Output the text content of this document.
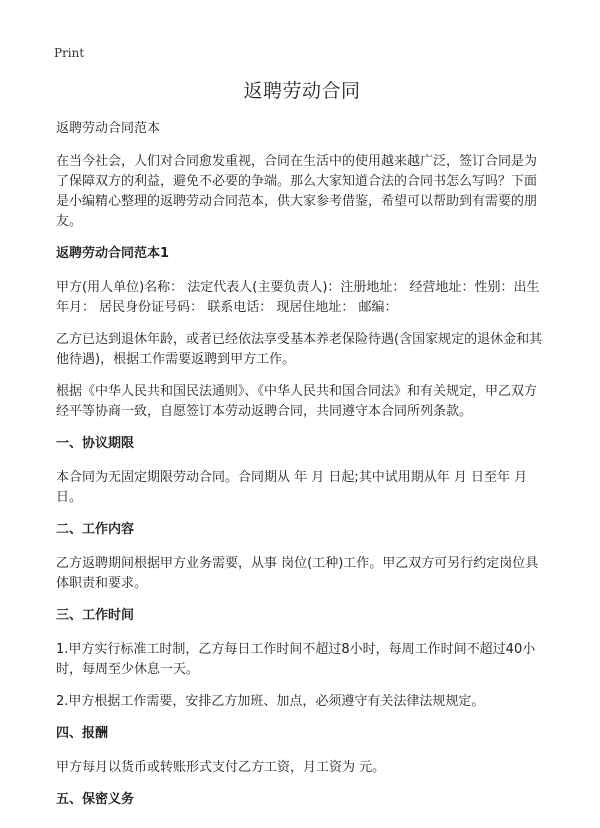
Print
返聘劳动合同

返聘劳动合同范本

在当今社会，人们对合同愈发重视，合同在生活中的使用越来越广泛，签订合同是为了保障双方的利益，避免不必要的争端。那么大家知道合法的合同书怎么写吗？下面是小编精心整理的返聘劳动合同范本，供大家参考借鉴，希望可以帮助到有需要的朋友。

返聘劳动合同范本1

甲方(用人单位)名称： 法定代表人(主要负责人)：注册地址： 经营地址：性别：出生年月： 居民身份证号码： 联系电话： 现居住地址： 邮编：

乙方已达到退休年龄，或者已经依法享受基本养老保险待遇(含国家规定的退休金和其他待遇)，根据工作需要返聘到甲方工作。

根据《中华人民共和国民法通则》、《中华人民共和国合同法》和有关规定，甲乙双方经平等协商一致，自愿签订本劳动返聘合同，共同遵守本合同所列条款。

一、协议期限

本合同为无固定期限劳动合同。合同期从 年 月 日起;其中试用期从年 月 日至年 月日。

二、工作内容

乙方返聘期间根据甲方业务需要，从事 岗位(工种)工作。甲乙双方可另行约定岗位具体职责和要求。

三、工作时间

1.甲方实行标准工时制，乙方每日工作时间不超过8小时，每周工作时间不超过40小时，每周至少休息一天。

2.甲方根据工作需要，安排乙方加班、加点，必须遵守有关法律法规规定。

四、报酬

甲方每月以货币或转账形式支付乙方工资，月工资为 元。

五、保密义务
